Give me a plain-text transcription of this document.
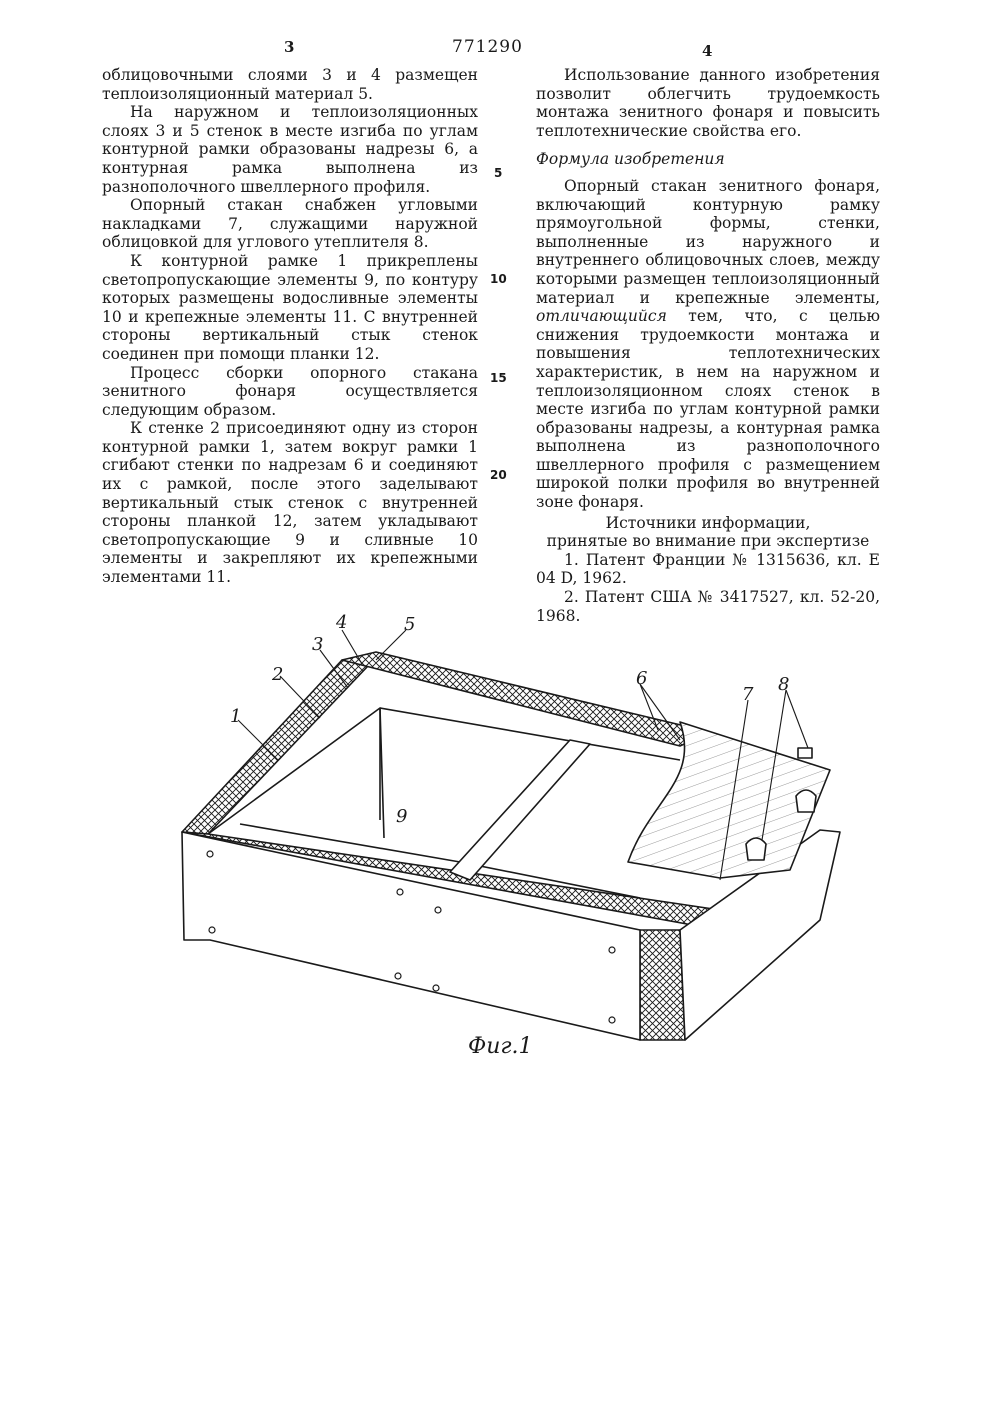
3	771290	4

облицовочными слоями 3 и 4 размещен теплоизоляционный материал 5.

На наружном и теплоизоляционных слоях 3 и 5 стенок в месте изгиба по углам контурной рамки образованы надрезы 6, а контурная рамка выполнена из разнополочного швеллерного профиля.

Опорный стакан снабжен угловыми накладками 7, служащими наружной облицовкой для углового утеплителя 8.

К контурной рамке 1 прикреплены светопропускающие элементы 9, по контуру которых размещены водосливные элементы 10 и крепежные элементы 11. С внутренней стороны вертикальный стык стенок соединен при помощи планки 12.

Процесс сборки опорного стакана зенитного фонаря осуществляется следующим образом.

К стенке 2 присоединяют одну из сторон контурной рамки 1, затем вокруг рамки 1 сгибают стенки по надрезам 6 и соединяют их с рамкой, после этого заделывают вертикальный стык стенок с внутренней стороны планкой 12, затем укладывают светопропускающие 9 и сливные 10 элементы и закрепляют их крепежными элементами 11.

5
10
15
20

Использование данного изобретения позволит облегчить трудоемкость монтажа зенитного фонаря и повысить теплотехнические свойства его.

Формула изобретения

Опорный стакан зенитного фонаря, включающий контурную рамку прямоугольной формы, стенки, выполненные из наружного и внутреннего облицовочных слоев, между которыми размещен теплоизоляционный материал и крепежные элементы, отличающийся тем, что, с целью снижения трудоемкости монтажа и повышения теплотехнических характеристик, в нем на наружном и теплоизоляционном слоях стенок в месте изгиба по углам контурной рамки образованы надрезы, а контурная рамка выполнена из разнополочного швеллерного профиля с размещением широкой полки профиля во внутренней зоне фонаря.

Источники информации,

принятые во внимание при экспертизе

1. Патент Франции № 1315636, кл. Е 04 D, 1962.

2. Патент США № 3417527, кл. 52-20, 1968.

1
2
3
4	5
6
7 8
9
Фиг.1
